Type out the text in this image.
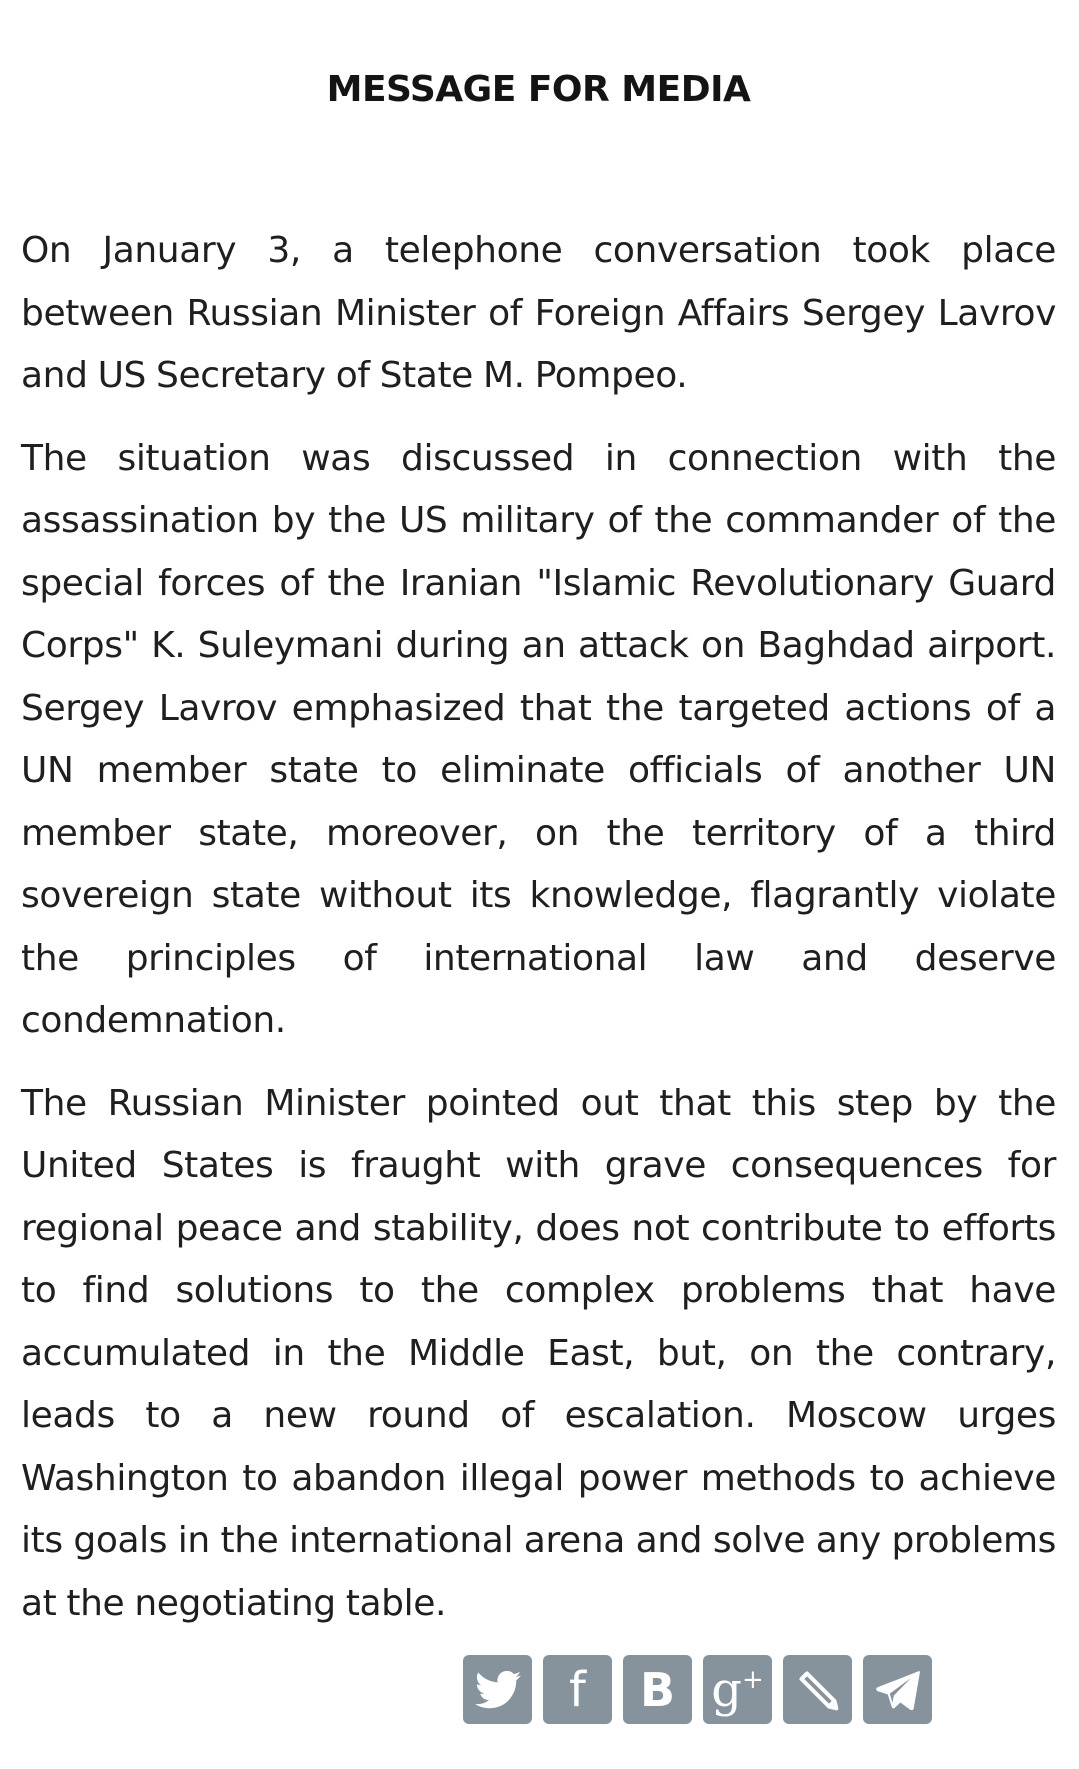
MESSAGE FOR MEDIA

On January 3, a telephone conversation took place between Russian Minister of Foreign Affairs Sergey Lavrov and US Secretary of State M. Pompeo.

The situation was discussed in connection with the assassination by the US military of the commander of the special forces of the Iranian "Islamic Revolutionary Guard Corps" K. Suleymani during an attack on Baghdad airport. Sergey Lavrov emphasized that the targeted actions of a UN member state to eliminate officials of another UN member state, moreover, on the territory of a third sovereign state without its knowledge, flagrantly violate the principles of international law and deserve condemnation.

The Russian Minister pointed out that this step by the United States is fraught with grave consequences for regional peace and stability, does not contribute to efforts to find solutions to the complex problems that have accumulated in the Middle East, but, on the contrary, leads to a new round of escalation. Moscow urges Washington to abandon illegal power methods to achieve its goals in the international arena and solve any problems at the negotiating table.

f B g+
